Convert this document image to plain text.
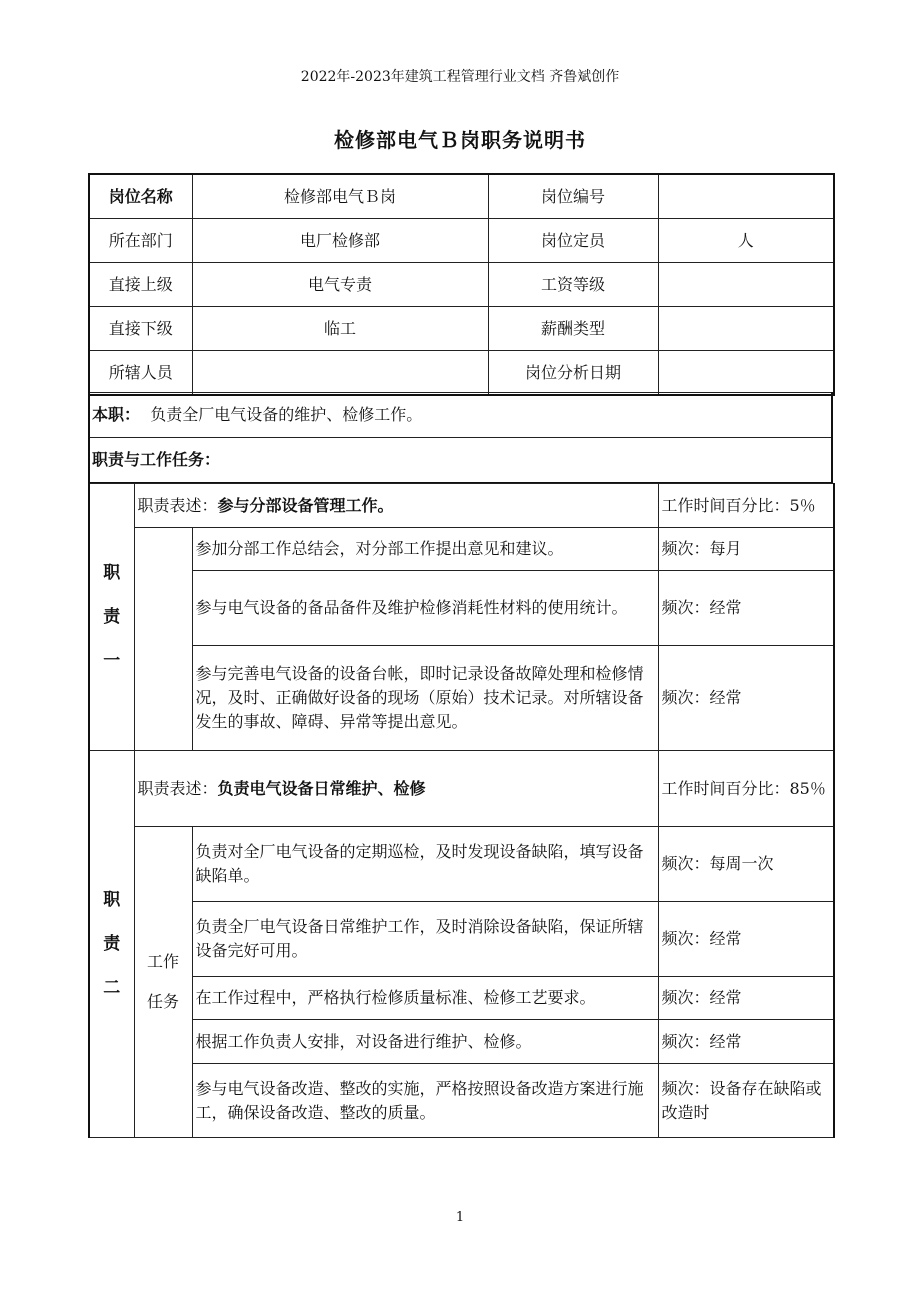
2022年-2023年建筑工程管理行业文档 齐鲁斌创作
检修部电气Ｂ岗职务说明书
岗位名称	检修部电气Ｂ岗	岗位编号	
所在部门	电厂检修部	岗位定员	人
直接上级	电气专责	工资等级	
直接下级	临工	薪酬类型	
所辖人员		岗位分析日期	
本职： 负责全厂电气设备的维护、检修工作。
职责与工作任务：
职
责
一	职责表述：参与分部设备管理工作。		工作时间百分比：5％
		参加分部工作总结会，对分部工作提出意见和建议。	频次：每月
		参与电气设备的备品备件及维护检修消耗性材料的使用统计。	频次：经常
		参与完善电气设备的设备台帐，即时记录设备故障处理和检修情况，及时、正确做好设备的现场（原始）技术记录。对所辖设备发生的事故、障碍、异常等提出意见。	频次：经常

职
责
二	职责表述：负责电气设备日常维护、检修		工作时间百分比：85％

	工作
任务	负责对全厂电气设备的定期巡检，及时发现设备缺陷，填写设备缺陷单。	频次：每周一次
		负责全厂电气设备日常维护工作，及时消除设备缺陷，保证所辖设备完好可用。	频次：经常
		在工作过程中，严格执行检修质量标准、检修工艺要求。	频次：经常
		根据工作负责人安排，对设备进行维护、检修。	频次：经常
		参与电气设备改造、整改的实施，严格按照设备改造方案进行施工，确保设备改造、整改的质量。	频次：设备存在缺陷或改造时
1
